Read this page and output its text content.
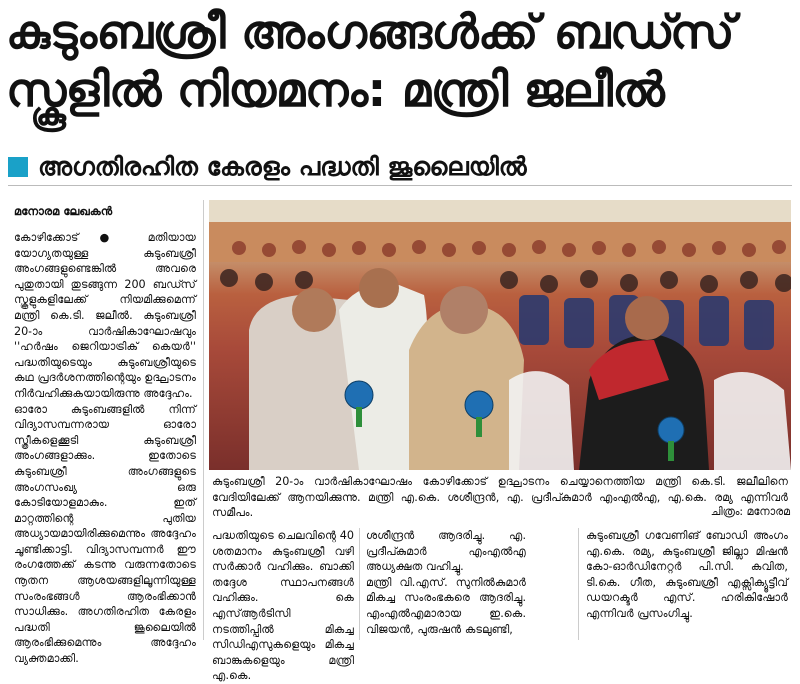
കുടുംബശ്രീ അംഗങ്ങൾക്ക് ബഡ്സ് സ്കൂളിൽ നിയമനം: മന്ത്രി ജലീൽ
അഗതിരഹിത കേരളം പദ്ധതി ജൂലൈയിൽ
മനോരമ ലേഖകൻ
കോഴിക്കോട് ● മതിയായ യോഗ്യതയുള്ള കുടുംബശ്രീ അംഗങ്ങളുണ്ടെങ്കിൽ അവരെ പുതുതായി തുടങ്ങുന്ന 200 ബഡ്സ് സ്കൂളുകളിലേക്ക് നിയമിക്കുമെന്ന് മന്ത്രി കെ.ടി. ജലീൽ. കുടുംബശ്രീ 20-ാം വാർഷികാഘോഷവും ''ഹർഷം ജെറിയാട്രിക് കെയർ'' പദ്ധതിയുടെയും കുടുംബശ്രീയുടെ കഥ പ്രദർശനത്തിന്റെയും ഉദ്ഘാടനം നിർവഹിക്കുകയായിരുന്നു അദ്ദേഹം.
ഓരോ കുടുംബങ്ങളിൽ നിന്ന് വിദ്യാസമ്പന്നരായ ഓരോ സ്ത്രീകളെക്കൂടി കുടുംബശ്രീ അംഗങ്ങളാക്കും. ഇതോടെ കുടുംബശ്രീ അംഗങ്ങളുടെ അംഗസംഖ്യ ഒരു കോടിയോളമാകും. ഇത് മാറ്റത്തിന്റെ പുതിയ അധ്യായമായിരിക്കുമെന്നും അദ്ദേഹം ചൂണ്ടിക്കാട്ടി. വിദ്യാസമ്പന്നർ ഈ രംഗത്തേക്ക് കടന്നു വരുന്നതോടെ നൂതന ആശയങ്ങളിലൂന്നിയുള്ള സംരംഭങ്ങൾ ആരംഭിക്കാൻ സാധിക്കും. അഗതിരഹിത കേരളം പദ്ധതി ജൂലൈയിൽ ആരംഭിക്കുമെന്നും അദ്ദേഹം വ്യക്തമാക്കി.
കുടുംബശ്രീ 20-ാം വാർഷികാഘോഷം കോഴിക്കോട് ഉദ്ഘാടനം ചെയ്യാനെത്തിയ മന്ത്രി കെ.ടി. ജലീലിനെ വേദിയിലേക്ക് ആനയിക്കുന്നു. മന്ത്രി എ.കെ. ശശീന്ദ്രൻ, എ. പ്രദീപ്കുമാർ എംഎൽഎ, എ.കെ. രമ്യ എന്നിവർ സമീപം.	ചിത്രം: മനോരമ
പദ്ധതിയുടെ ചെലവിന്റെ 40 ശതമാനം കുടുംബശ്രീ വഴി സർക്കാർ വഹിക്കും. ബാക്കി തദ്ദേശ സ്ഥാപനങ്ങൾ വഹിക്കും. കെ എസ്ആർടിസി നടത്തിപ്പിൽ മികച്ച സിഡിഎസുകളെയും മികച്ച ബാങ്കുകളെയും മന്ത്രി എ.കെ.
ശശീന്ദ്രൻ ആദരിച്ചു. എ. പ്രദീപ്കുമാർ എംഎൽഎ അധ്യക്ഷത വഹിച്ചു.
മന്ത്രി വി.എസ്. സുനിൽകുമാർ മികച്ച സംരംഭകരെ ആദരിച്ചു. എംഎൽഎമാരായ ഇ.കെ. വിജയൻ, പുരുഷൻ കടലുണ്ടി,
കുടുംബശ്രീ ഗവേണിങ് ബോഡി അംഗം എ.കെ. രമ്യ, കുടുംബശ്രീ ജില്ലാ മിഷൻ കോ-ഓർഡിനേറ്റർ പി.സി. കവിത, ടി.കെ. ഗീത, കുടുംബശ്രീ എക്സിക്യൂട്ടീവ് ഡയറക്ടർ എസ്. ഹരികിഷോർ എന്നിവർ പ്രസംഗിച്ചു.
